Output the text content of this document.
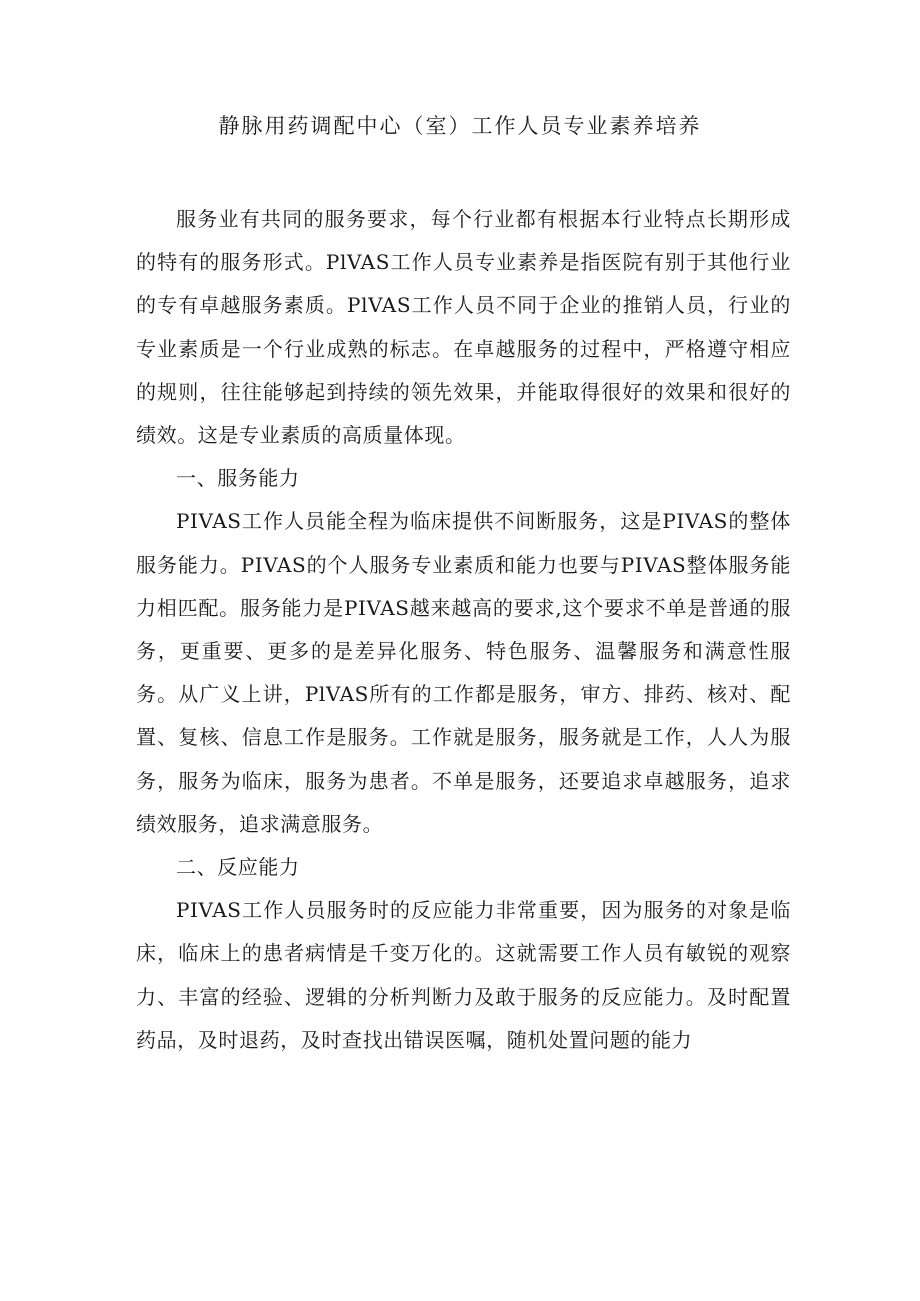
静脉用药调配中心（室）工作人员专业素养培养

服务业有共同的服务要求，每个行业都有根据本行业特点长期形成的特有的服务形式。PlVAS工作人员专业素养是指医院有别于其他行业的专有卓越服务素质。PlVAS工作人员不同于企业的推销人员，行业的专业素质是一个行业成熟的标志。在卓越服务的过程中，严格遵守相应的规则，往往能够起到持续的领先效果，并能取得很好的效果和很好的绩效。这是专业素质的高质量体现。

一、服务能力

PIVAS工作人员能全程为临床提供不间断服务，这是PIVAS的整体服务能力。PIVAS的个人服务专业素质和能力也要与PIVAS整体服务能力相匹配。服务能力是PIVAS越来越高的要求,这个要求不单是普通的服务，更重要、更多的是差异化服务、特色服务、温馨服务和满意性服务。从广义上讲，PlVAS所有的工作都是服务，审方、排药、核对、配置、复核、信息工作是服务。工作就是服务，服务就是工作，人人为服务，服务为临床，服务为患者。不单是服务，还要追求卓越服务，追求绩效服务，追求满意服务。

二、反应能力

PIVAS工作人员服务时的反应能力非常重要，因为服务的对象是临床，临床上的患者病情是千变万化的。这就需要工作人员有敏锐的观察力、丰富的经验、逻辑的分析判断力及敢于服务的反应能力。及时配置药品，及时退药，及时查找出错误医嘱，随机处置问题的能力
